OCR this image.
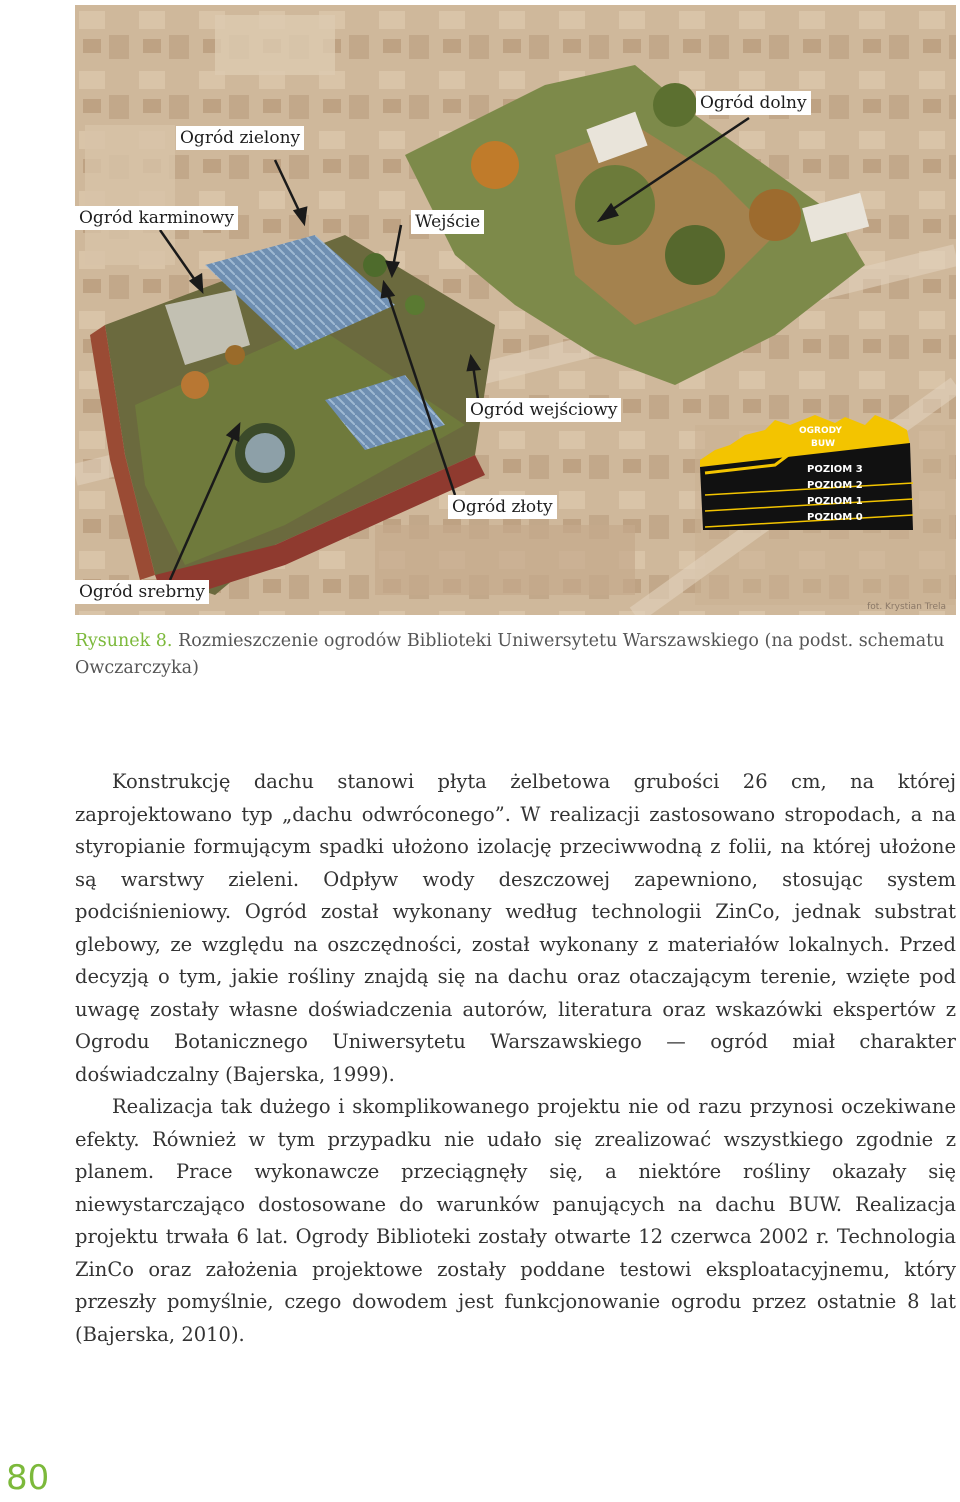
OGRODY
BUW
POZIOM 3
POZIOM 2
POZIOM 1
POZIOM 0
Ogród dolny
Ogród zielony
Ogród karminowy	Wejście
Ogród wejściowy
Ogród złoty
Ogród srebrny
fot. Krystian Trela
Rysunek 8. Rozmieszczenie ogrodów Biblioteki Uniwersytetu Warszawskiego (na podst. schematu Owczarczyka)

Konstrukcję dachu stanowi płyta żelbetowa grubości 26 cm, na której zaprojektowano typ „dachu odwróconego”. W realizacji zastosowano stropodach, a na styropianie formującym spadki ułożono izolację przeciwwodną z folii, na której ułożone są warstwy zieleni. Odpływ wody deszczowej zapewniono, stosując system podciśnieniowy. Ogród został wykonany według technologii ZinCo, jednak substrat glebowy, ze względu na oszczędności, został wykonany z materiałów lokalnych. Przed decyzją o tym, jakie rośliny znajdą się na dachu oraz otaczającym terenie, wzięte pod uwagę zostały własne doświadczenia autorów, literatura oraz wskazówki ekspertów z Ogrodu Botanicznego Uniwersytetu Warszawskiego — ogród miał charakter doświadczalny (Bajerska, 1999).

Realizacja tak dużego i skomplikowanego projektu nie od razu przynosi oczekiwane efekty. Również w tym przypadku nie udało się zrealizować wszystkiego zgodnie z planem. Prace wykonawcze przeciągnęły się, a niektóre rośliny okazały się niewystarczająco dostosowane do warunków panujących na dachu BUW. Realizacja projektu trwała 6 lat. Ogrody Biblioteki zostały otwarte 12 czerwca 2002 r. Technologia ZinCo oraz założenia projektowe zostały poddane testowi eksploatacyjnemu, który przeszły pomyślnie, czego dowodem jest funkcjonowanie ogrodu przez ostatnie 8 lat (Bajerska, 2010).

80
